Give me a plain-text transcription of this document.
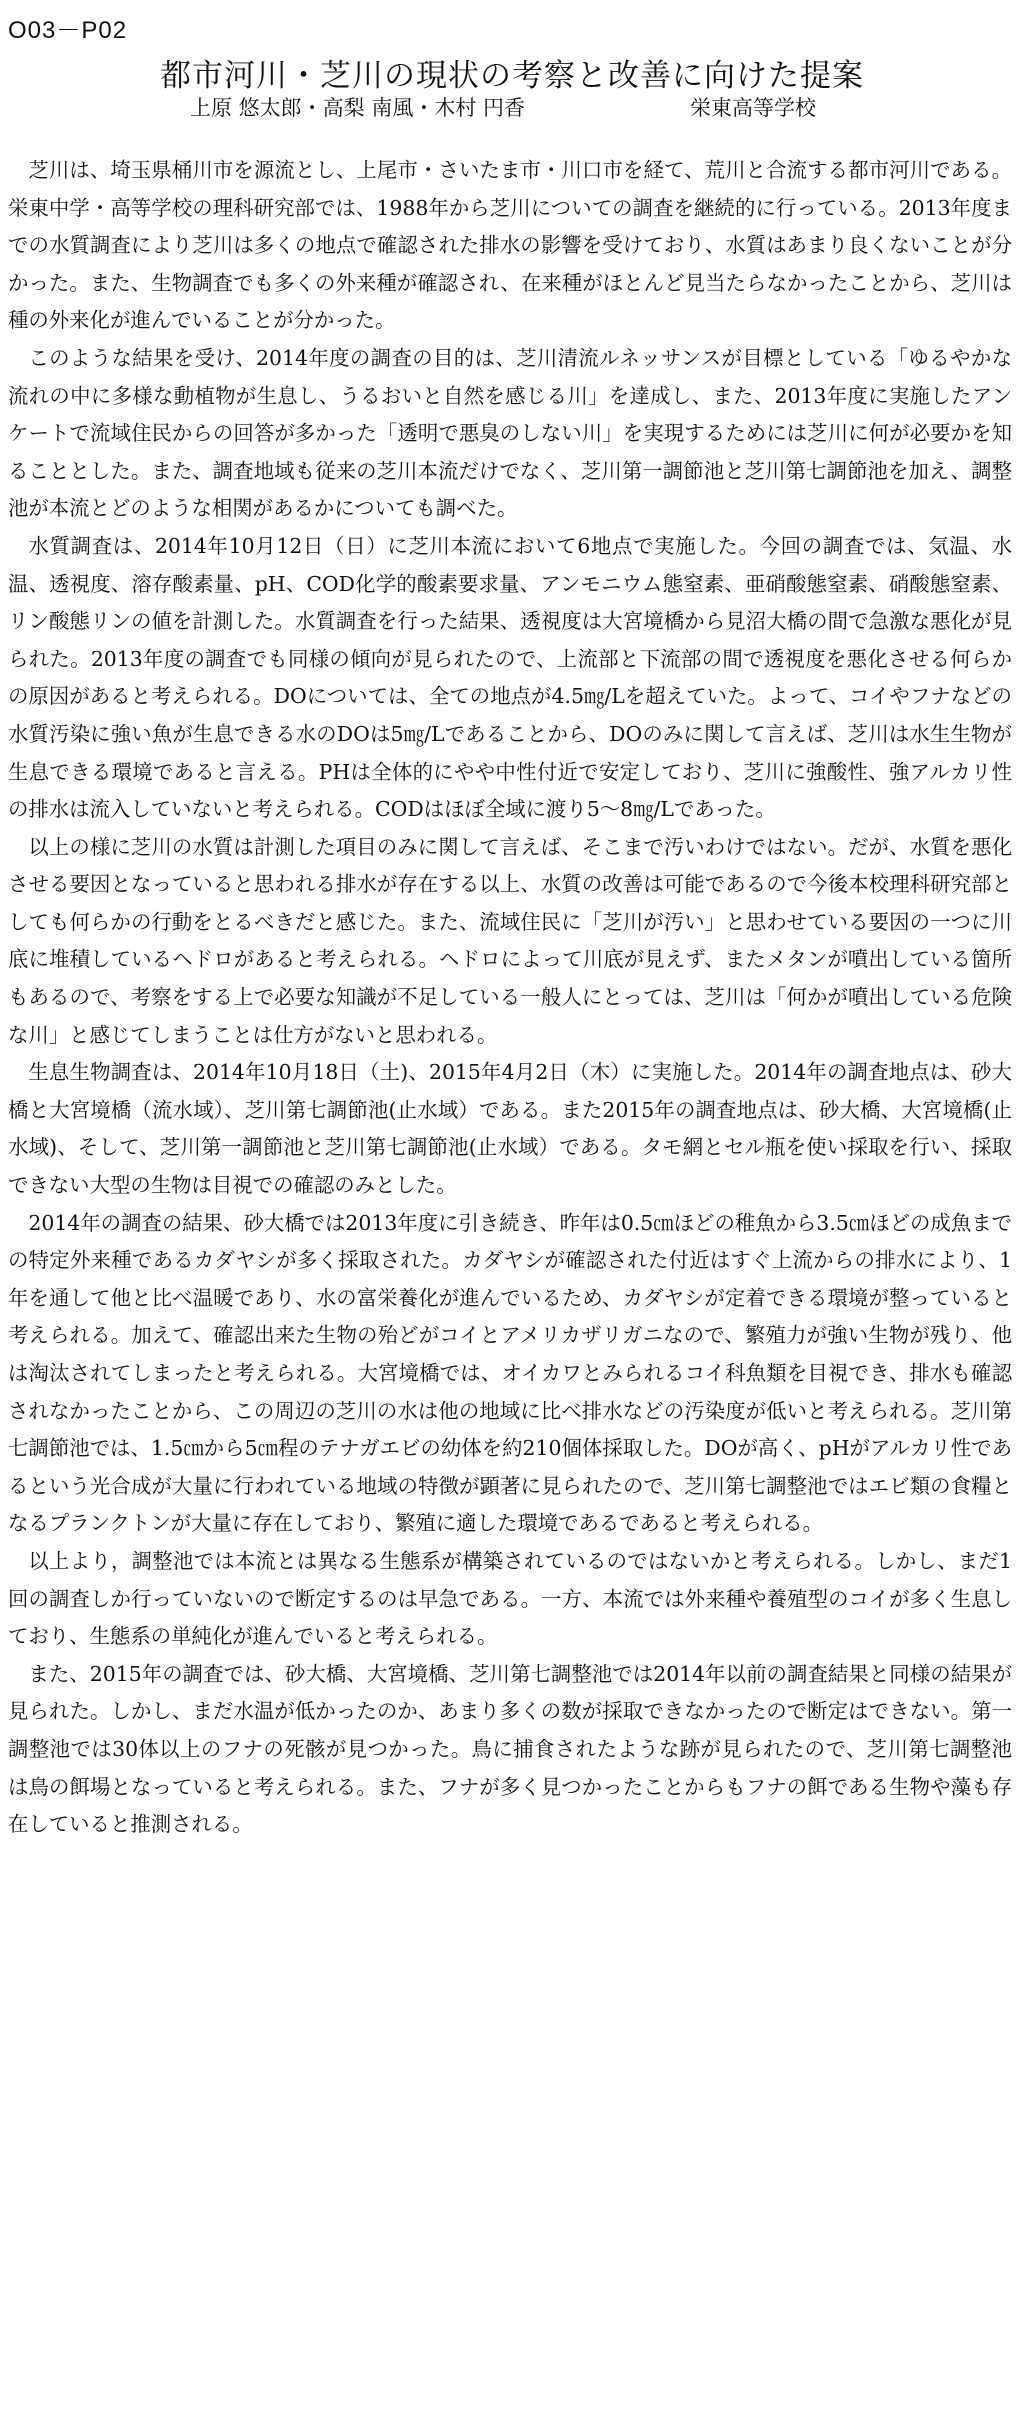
O03－P02
都市河川・芝川の現状の考察と改善に向けた提案
上原 悠太郎・高梨 南風・木村 円香	栄東高等学校

芝川は、埼玉県桶川市を源流とし、上尾市・さいたま市・川口市を経て、荒川と合流する都市河川である。栄東中学・高等学校の理科研究部では、1988年から芝川についての調査を継続的に行っている。2013年度までの水質調査により芝川は多くの地点で確認された排水の影響を受けており、水質はあまり良くないことが分かった。また、生物調査でも多くの外来種が確認され、在来種がほとんど見当たらなかったことから、芝川は種の外来化が進んでいることが分かった。

このような結果を受け、2014年度の調査の目的は、芝川清流ルネッサンスが目標としている「ゆるやかな流れの中に多様な動植物が生息し、うるおいと自然を感じる川」を達成し、また、2013年度に実施したアンケートで流域住民からの回答が多かった「透明で悪臭のしない川」を実現するためには芝川に何が必要かを知ることとした。また、調査地域も従来の芝川本流だけでなく、芝川第一調節池と芝川第七調節池を加え、調整池が本流とどのような相関があるかについても調べた。

水質調査は、2014年10月12日（日）に芝川本流において6地点で実施した。今回の調査では、気温、水温、透視度、溶存酸素量、pH、COD化学的酸素要求量、アンモニウム態窒素、亜硝酸態窒素、硝酸態窒素、リン酸態リンの値を計測した。水質調査を行った結果、透視度は大宮境橋から見沼大橋の間で急激な悪化が見られた。2013年度の調査でも同様の傾向が見られたので、上流部と下流部の間で透視度を悪化させる何らかの原因があると考えられる。DOについては、全ての地点が4.5㎎/Lを超えていた。よって、コイやフナなどの水質汚染に強い魚が生息できる水のDOは5㎎/Lであることから、DOのみに関して言えば、芝川は水生生物が生息できる環境であると言える。PHは全体的にやや中性付近で安定しており、芝川に強酸性、強アルカリ性の排水は流入していないと考えられる。CODはほぼ全域に渡り5～8㎎/Lであった。

以上の様に芝川の水質は計測した項目のみに関して言えば、そこまで汚いわけではない。だが、水質を悪化させる要因となっていると思われる排水が存在する以上、水質の改善は可能であるので今後本校理科研究部としても何らかの行動をとるべきだと感じた。また、流域住民に「芝川が汚い」と思わせている要因の一つに川底に堆積しているヘドロがあると考えられる。ヘドロによって川底が見えず、またメタンが噴出している箇所もあるので、考察をする上で必要な知識が不足している一般人にとっては、芝川は「何かが噴出している危険な川」と感じてしまうことは仕方がないと思われる。

生息生物調査は、2014年10月18日（土)、2015年4月2日（木）に実施した。2014年の調査地点は、砂大橋と大宮境橋（流水域）、芝川第七調節池(止水域）である。また2015年の調査地点は、砂大橋、大宮境橋(止水域)、そして、芝川第一調節池と芝川第七調節池(止水域）である。タモ網とセル瓶を使い採取を行い、採取できない大型の生物は目視での確認のみとした。

2014年の調査の結果、砂大橋では2013年度に引き続き、昨年は0.5㎝ほどの稚魚から3.5㎝ほどの成魚までの特定外来種であるカダヤシが多く採取された。カダヤシが確認された付近はすぐ上流からの排水により、1年を通して他と比べ温暖であり、水の富栄養化が進んでいるため、カダヤシが定着できる環境が整っていると考えられる。加えて、確認出来た生物の殆どがコイとアメリカザリガニなので、繁殖力が強い生物が残り、他は淘汰されてしまったと考えられる。大宮境橋では、オイカワとみられるコイ科魚類を目視でき、排水も確認されなかったことから、この周辺の芝川の水は他の地域に比べ排水などの汚染度が低いと考えられる。芝川第七調節池では、1.5㎝から5㎝程のテナガエビの幼体を約210個体採取した。DOが高く、pHがアルカリ性であるという光合成が大量に行われている地域の特徴が顕著に見られたので、芝川第七調整池ではエビ類の食糧となるプランクトンが大量に存在しており、繁殖に適した環境であるであると考えられる。

以上より，調整池では本流とは異なる生態系が構築されているのではないかと考えられる。しかし、まだ1回の調査しか行っていないので断定するのは早急である。一方、本流では外来種や養殖型のコイが多く生息しており、生態系の単純化が進んでいると考えられる。

また、2015年の調査では、砂大橋、大宮境橋、芝川第七調整池では2014年以前の調査結果と同様の結果が見られた。しかし、まだ水温が低かったのか、あまり多くの数が採取できなかったので断定はできない。第一調整池では30体以上のフナの死骸が見つかった。鳥に捕食されたような跡が見られたので、芝川第七調整池は鳥の餌場となっていると考えられる。また、フナが多く見つかったことからもフナの餌である生物や藻も存在していると推測される。
